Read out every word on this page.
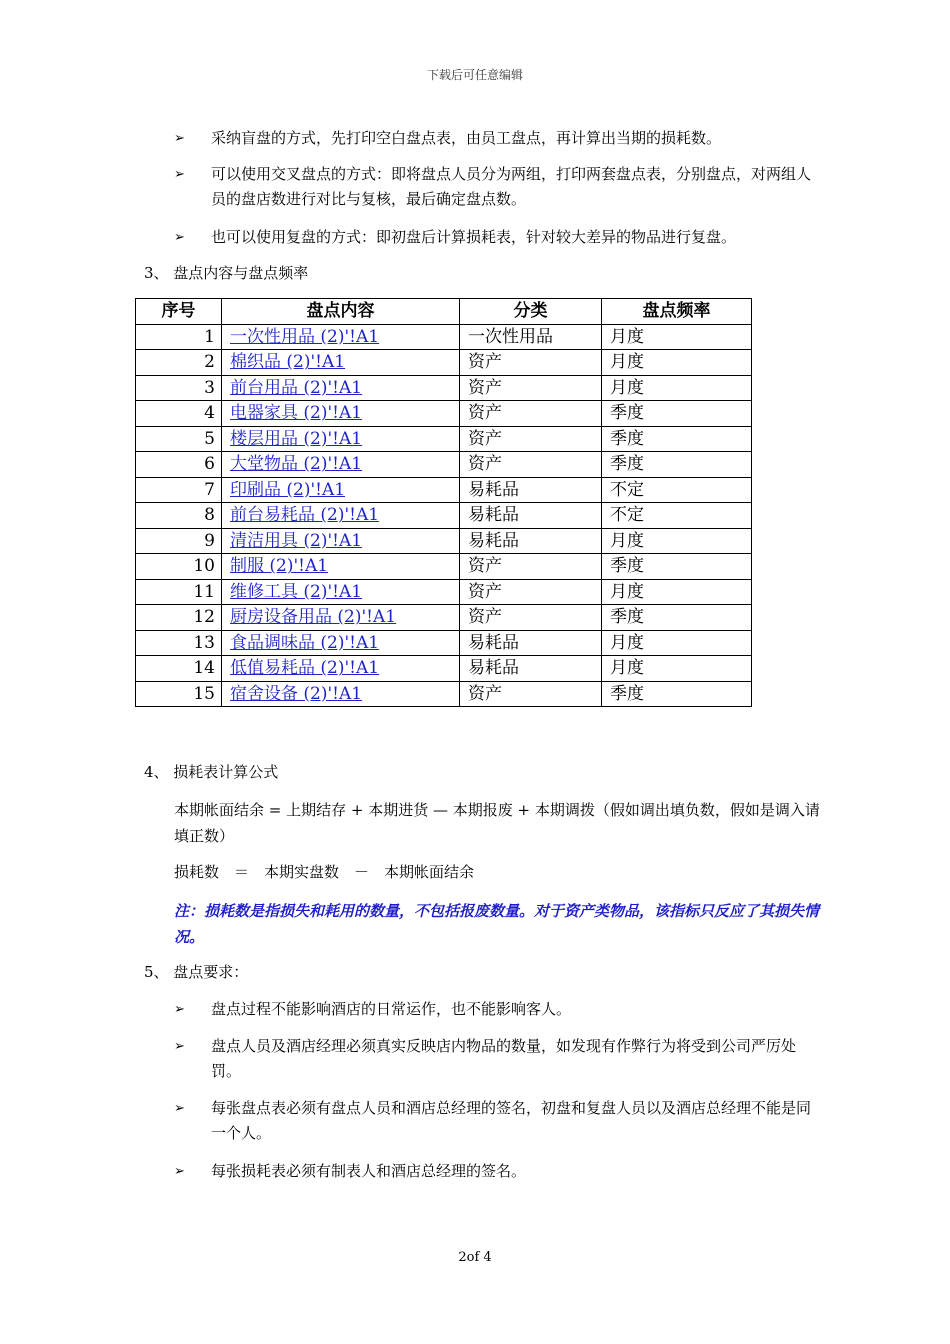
下载后可任意编辑
➢ 采纳盲盘的方式，先打印空白盘点表，由员工盘点，再计算出当期的损耗数。
➢ 可以使用交叉盘点的方式：即将盘点人员分为两组，打印两套盘点表，分别盘点，对两组人员的盘店数进行对比与复核，最后确定盘点数。
➢ 也可以使用复盘的方式：即初盘后计算损耗表，针对较大差异的物品进行复盘。
3、 盘点内容与盘点频率
序号	盘点内容	分类	盘点频率
1	一次性用品 (2)'!A1	一次性用品	月度
2	棉织品 (2)'!A1	资产	月度
3	前台用品 (2)'!A1	资产	月度
4	电器家具 (2)'!A1	资产	季度
5	楼层用品 (2)'!A1	资产	季度
6	大堂物品 (2)'!A1	资产	季度
7	印刷品 (2)'!A1	易耗品	不定
8	前台易耗品 (2)'!A1	易耗品	不定
9	清洁用具 (2)'!A1	易耗品	月度
10	制服 (2)'!A1	资产	季度
11	维修工具 (2)'!A1	资产	月度
12	厨房设备用品 (2)'!A1	资产	季度
13	食品调味品 (2)'!A1	易耗品	月度
14	低值易耗品 (2)'!A1	易耗品	月度
15	宿舍设备 (2)'!A1	资产	季度
4、 损耗表计算公式
本期帐面结余 = 上期结存 + 本期进货 — 本期报废 + 本期调拨（假如调出填负数，假如是调入请填正数）
损耗数　＝　本期实盘数　－　本期帐面结余
注：损耗数是指损失和耗用的数量，不包括报废数量。对于资产类物品，该指标只反应了其损失情况。
5、 盘点要求：
➢ 盘点过程不能影响酒店的日常运作，也不能影响客人。
➢ 盘点人员及酒店经理必须真实反映店内物品的数量，如发现有作弊行为将受到公司严厉处罚。
➢ 每张盘点表必须有盘点人员和酒店总经理的签名，初盘和复盘人员以及酒店总经理不能是同一个人。
➢ 每张损耗表必须有制表人和酒店总经理的签名。
2of 4
